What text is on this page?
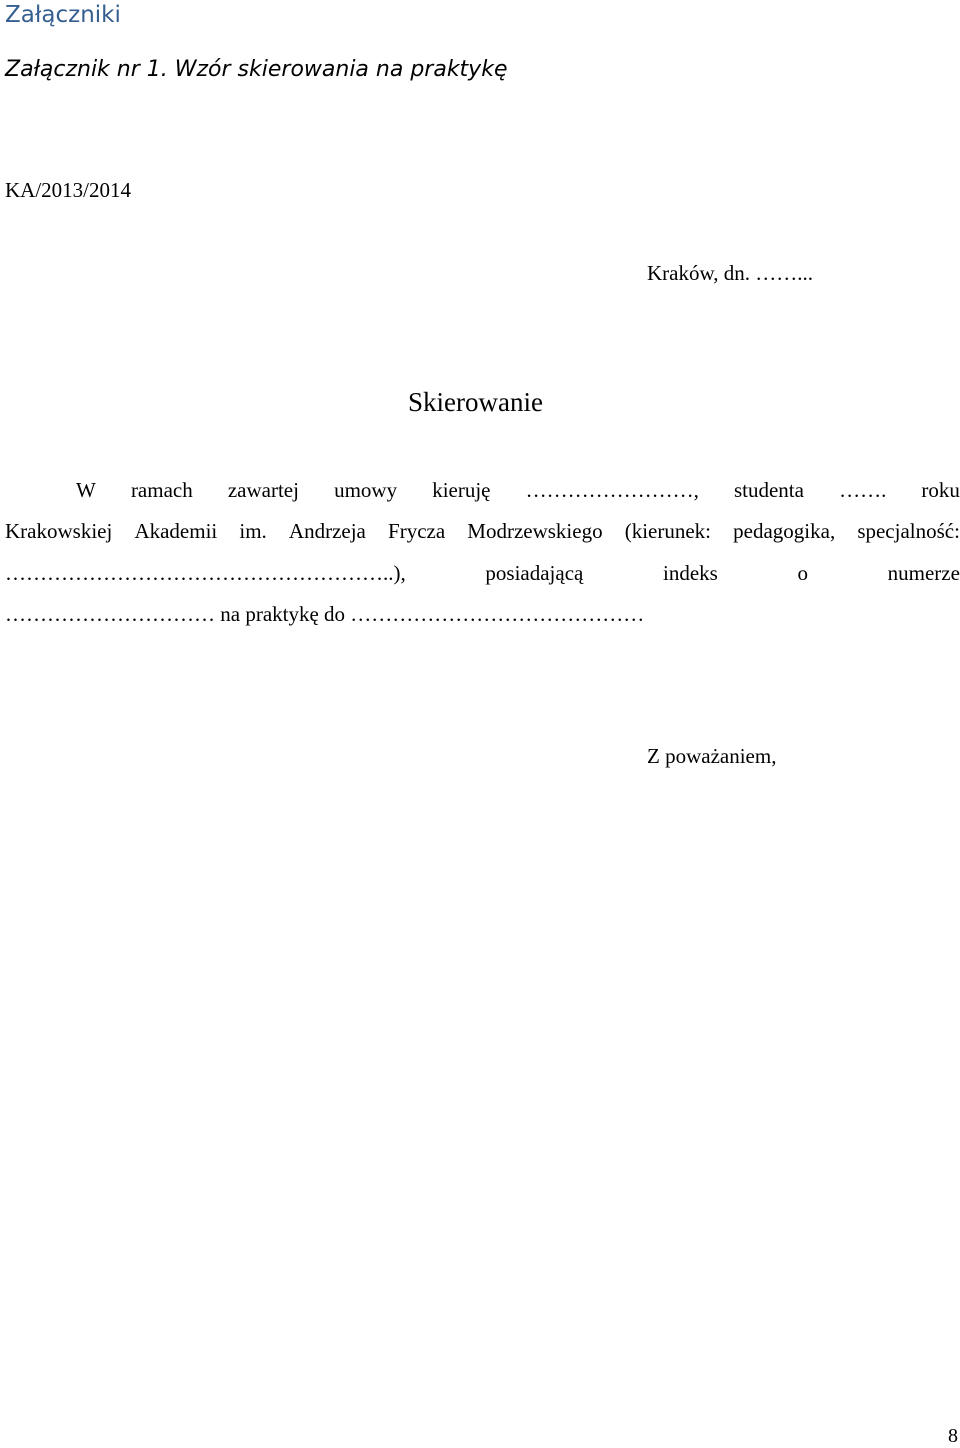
Załączniki
Załącznik nr 1. Wzór skierowania na praktykę
KA/2013/2014
Kraków, dn. ……...
Skierowanie
W ramach zawartej umowy kieruję ……………………, studenta ……. roku
Krakowskiej Akademii im. Andrzeja Frycza Modrzewskiego (kierunek: pedagogika, specjalność:
………………………………………………..),	posiadającą	indeks	o	numerze
………………………… na praktykę do ……………………………………
Z poważaniem,
8
